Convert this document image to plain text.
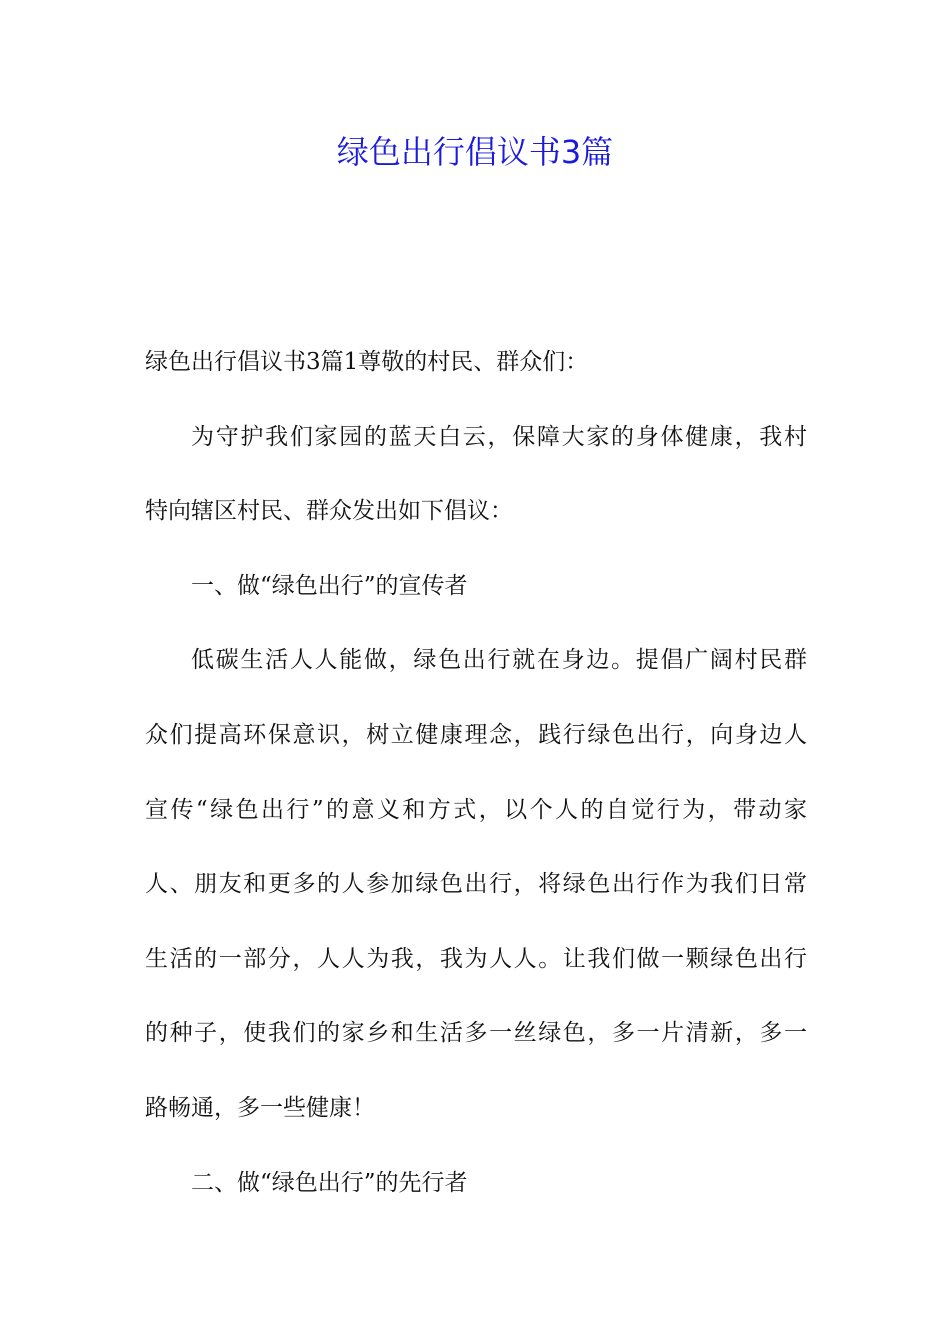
绿色出行倡议书3篇
绿色出行倡议书3篇1尊敬的村民、群众们：
为守护我们家园的蓝天白云，保障大家的身体健康，我村
特向辖区村民、群众发出如下倡议：
一、做“绿色出行”的宣传者
低碳生活人人能做，绿色出行就在身边。提倡广阔村民群
众们提高环保意识，树立健康理念，践行绿色出行，向身边人
宣传“绿色出行”的意义和方式，以个人的自觉行为，带动家
人、朋友和更多的人参加绿色出行，将绿色出行作为我们日常
生活的一部分，人人为我，我为人人。让我们做一颗绿色出行
的种子，使我们的家乡和生活多一丝绿色，多一片清新，多一
路畅通，多一些健康！
二、做“绿色出行”的先行者
